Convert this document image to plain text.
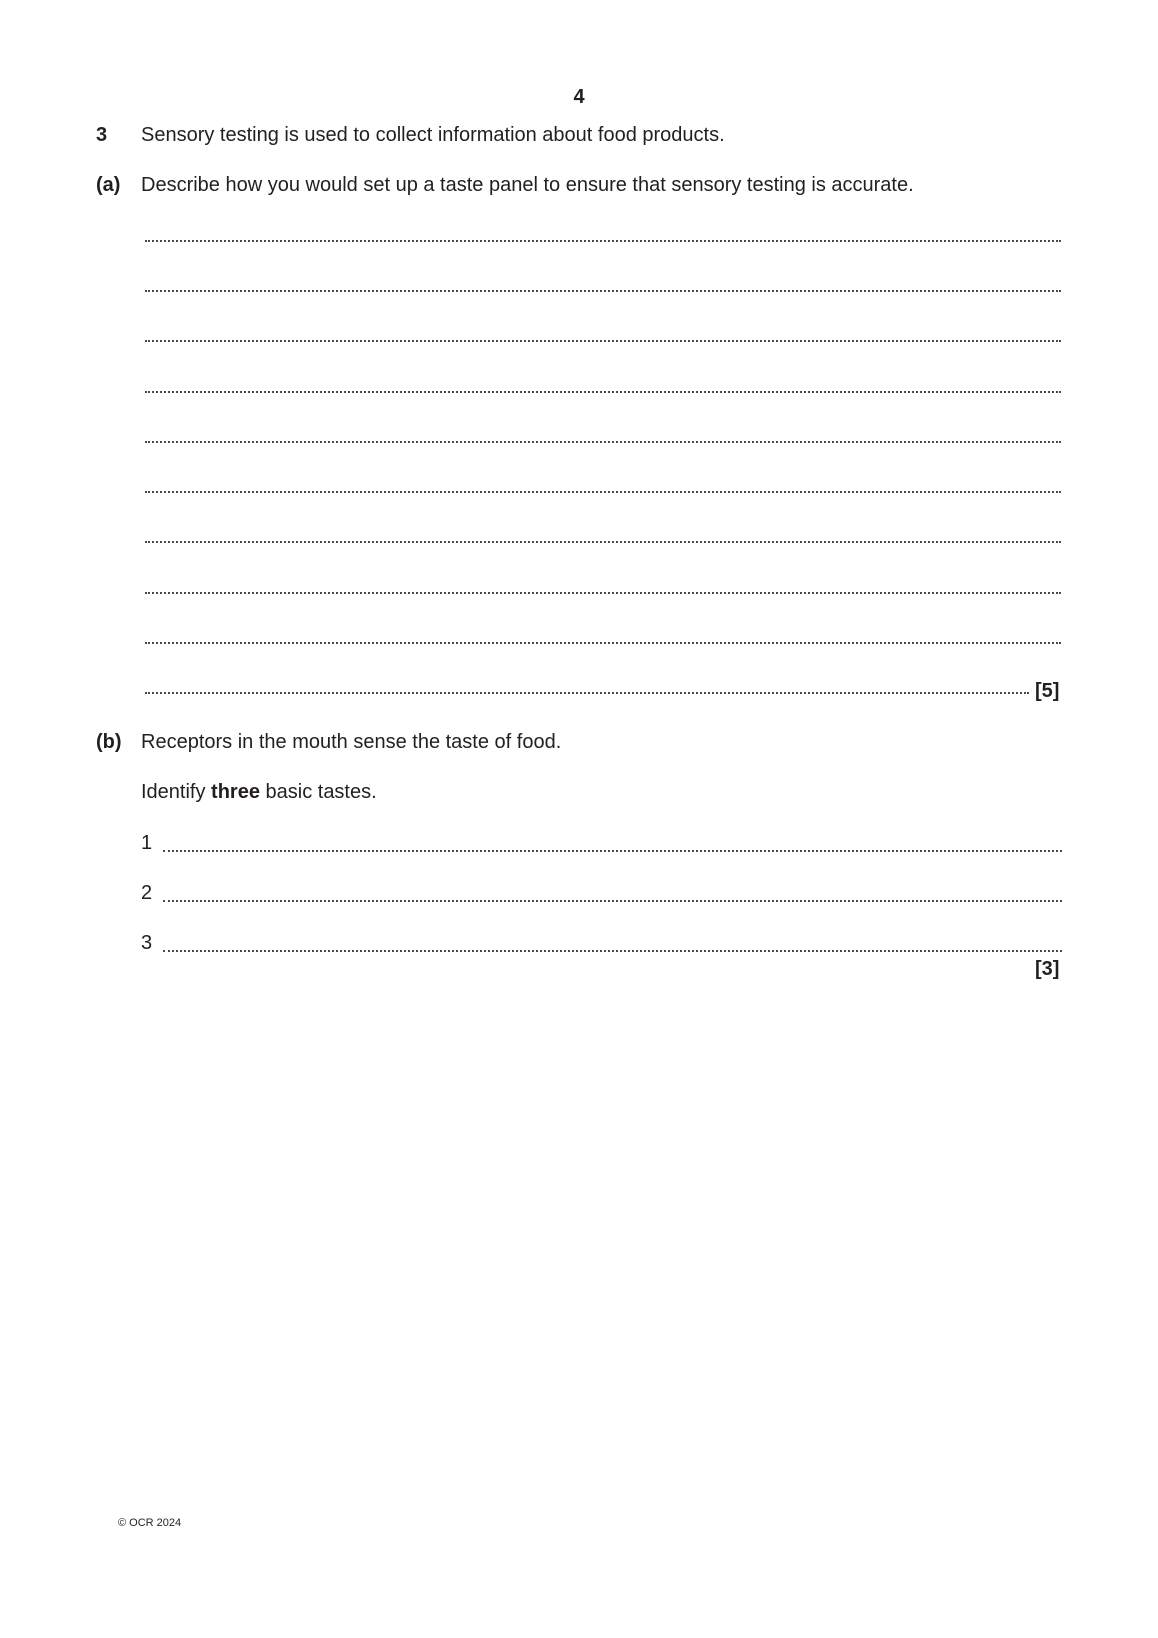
4
3 Sensory testing is used to collect information about food products.
(a) Describe how you would set up a taste panel to ensure that sensory testing is accurate.
[5]
(b) Receptors in the mouth sense the taste of food.
Identify three basic tastes.
1
2
3
[3]
© OCR 2024
